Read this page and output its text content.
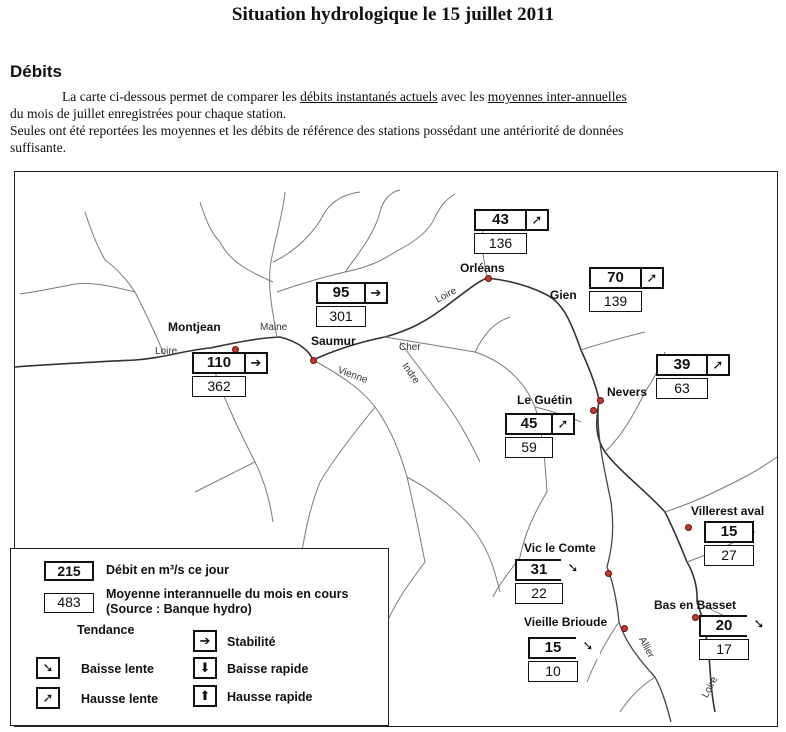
Situation hydrologique le 15 juillet 2011
Débits
La carte ci-dessous permet de comparer les débits instantanés actuels avec les moyennes inter-annuelles
du mois de juillet enregistrées pour chaque station.
Seules ont été reportées les moyennes et les débits de référence des stations possédant une antériorité de données
suffisante.
Loire
Loire
Maine
Cher
Vienne	Indre
Allier
Loire
Orléans
Gien
Montjean
Saumur
Nevers
Le Guétin
Villerest aval
Vic le Comte
Bas en Basset
Vieille Brioude
43	➚
136
70	➚
139
95	➔
301
110	➔
362
39	➚
63
45	➚
59
15
27
31	➘
22
20	➘
17
15	➘
10
215	Débit en m³/s ce jour
483	Moyenne interannuelle du mois en cours
(Source : Banque hydro)
Tendance
➔	Stabilité
➘	Baisse lente	⬇	Baisse rapide
➚	Hausse lente	⬆	Hausse rapide
